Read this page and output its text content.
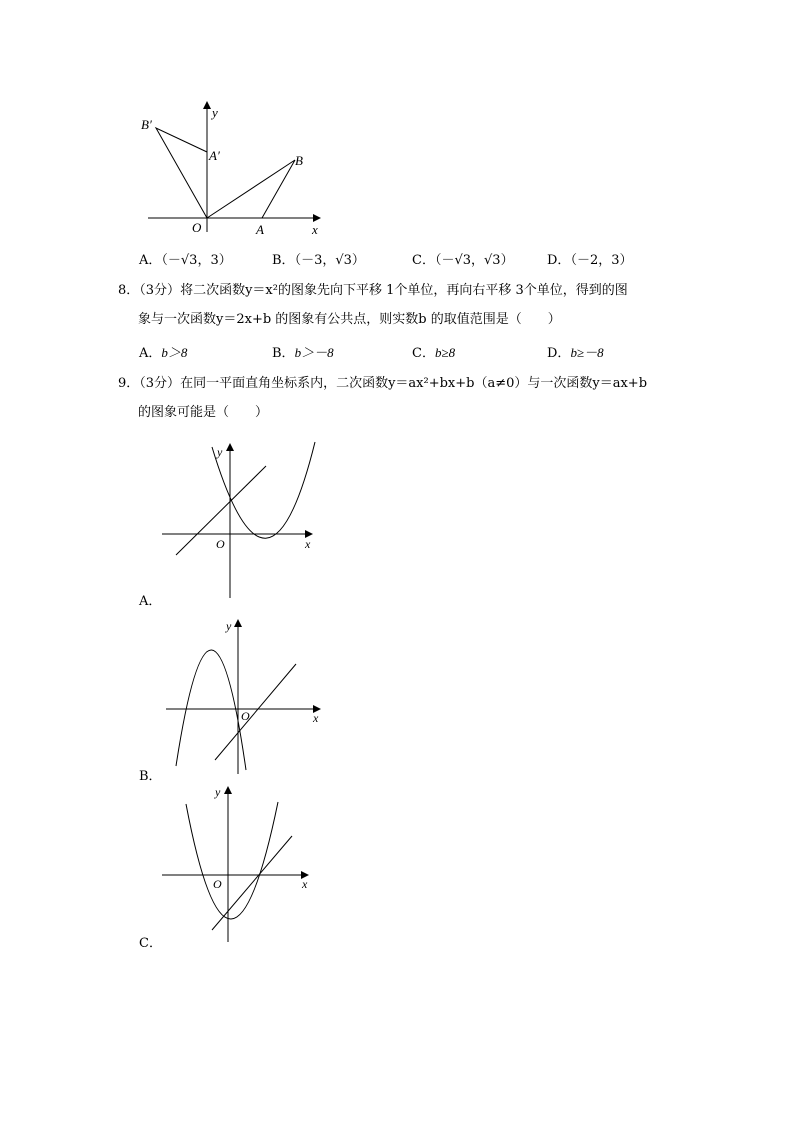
y
x
O	A
B
A′
B′
A．（－√3，3）	B．（－3，√3）	C．（－√3，√3）	D．（－2，3）
8．（3分）将二次函数y＝x²的图象先向下平移 1个单位，再向右平移 3个单位，得到的图
象与一次函数y＝2x+b 的图象有公共点，则实数b 的取值范围是（　　）
A．b＞8	B．b＞－8	C．b≥8	D．b≥－8
9．（3分）在同一平面直角坐标系内，二次函数y＝ax²+bx+b（a≠0）与一次函数y＝ax+b
的图象可能是（　　）
y
x
O
A．
y
x
O
B．
y
x
O
C．
